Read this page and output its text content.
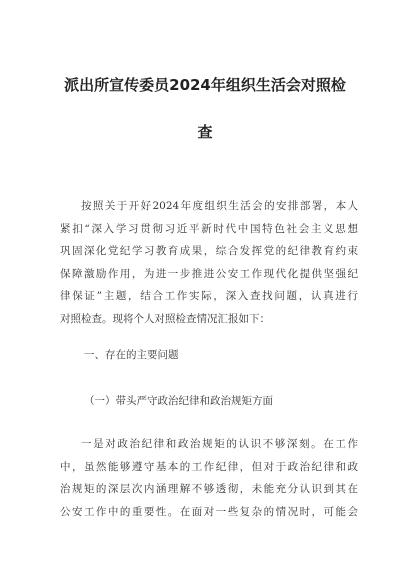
派出所宣传委员2024年组织生活会对照检
查

按照关于开好2024年度组织生活会的安排部署，本人
紧扣“深入学习贯彻习近平新时代中国特色社会主义思想
巩固深化党纪学习教育成果，综合发挥党的纪律教育约束
保障激励作用，为进一步推进公安工作现代化提供坚强纪
律保证”主题，结合工作实际，深入查找问题，认真进行
对照检查。现将个人对照检查情况汇报如下：

一、存在的主要问题

（一）带头严守政治纪律和政治规矩方面

一是对政治纪律和政治规矩的认识不够深刻。在工作
中，虽然能够遵守基本的工作纪律，但对于政治纪律和政
治规矩的深层次内涵理解不够透彻，未能充分认识到其在
公安工作中的重要性。在面对一些复杂的情况时，可能会
